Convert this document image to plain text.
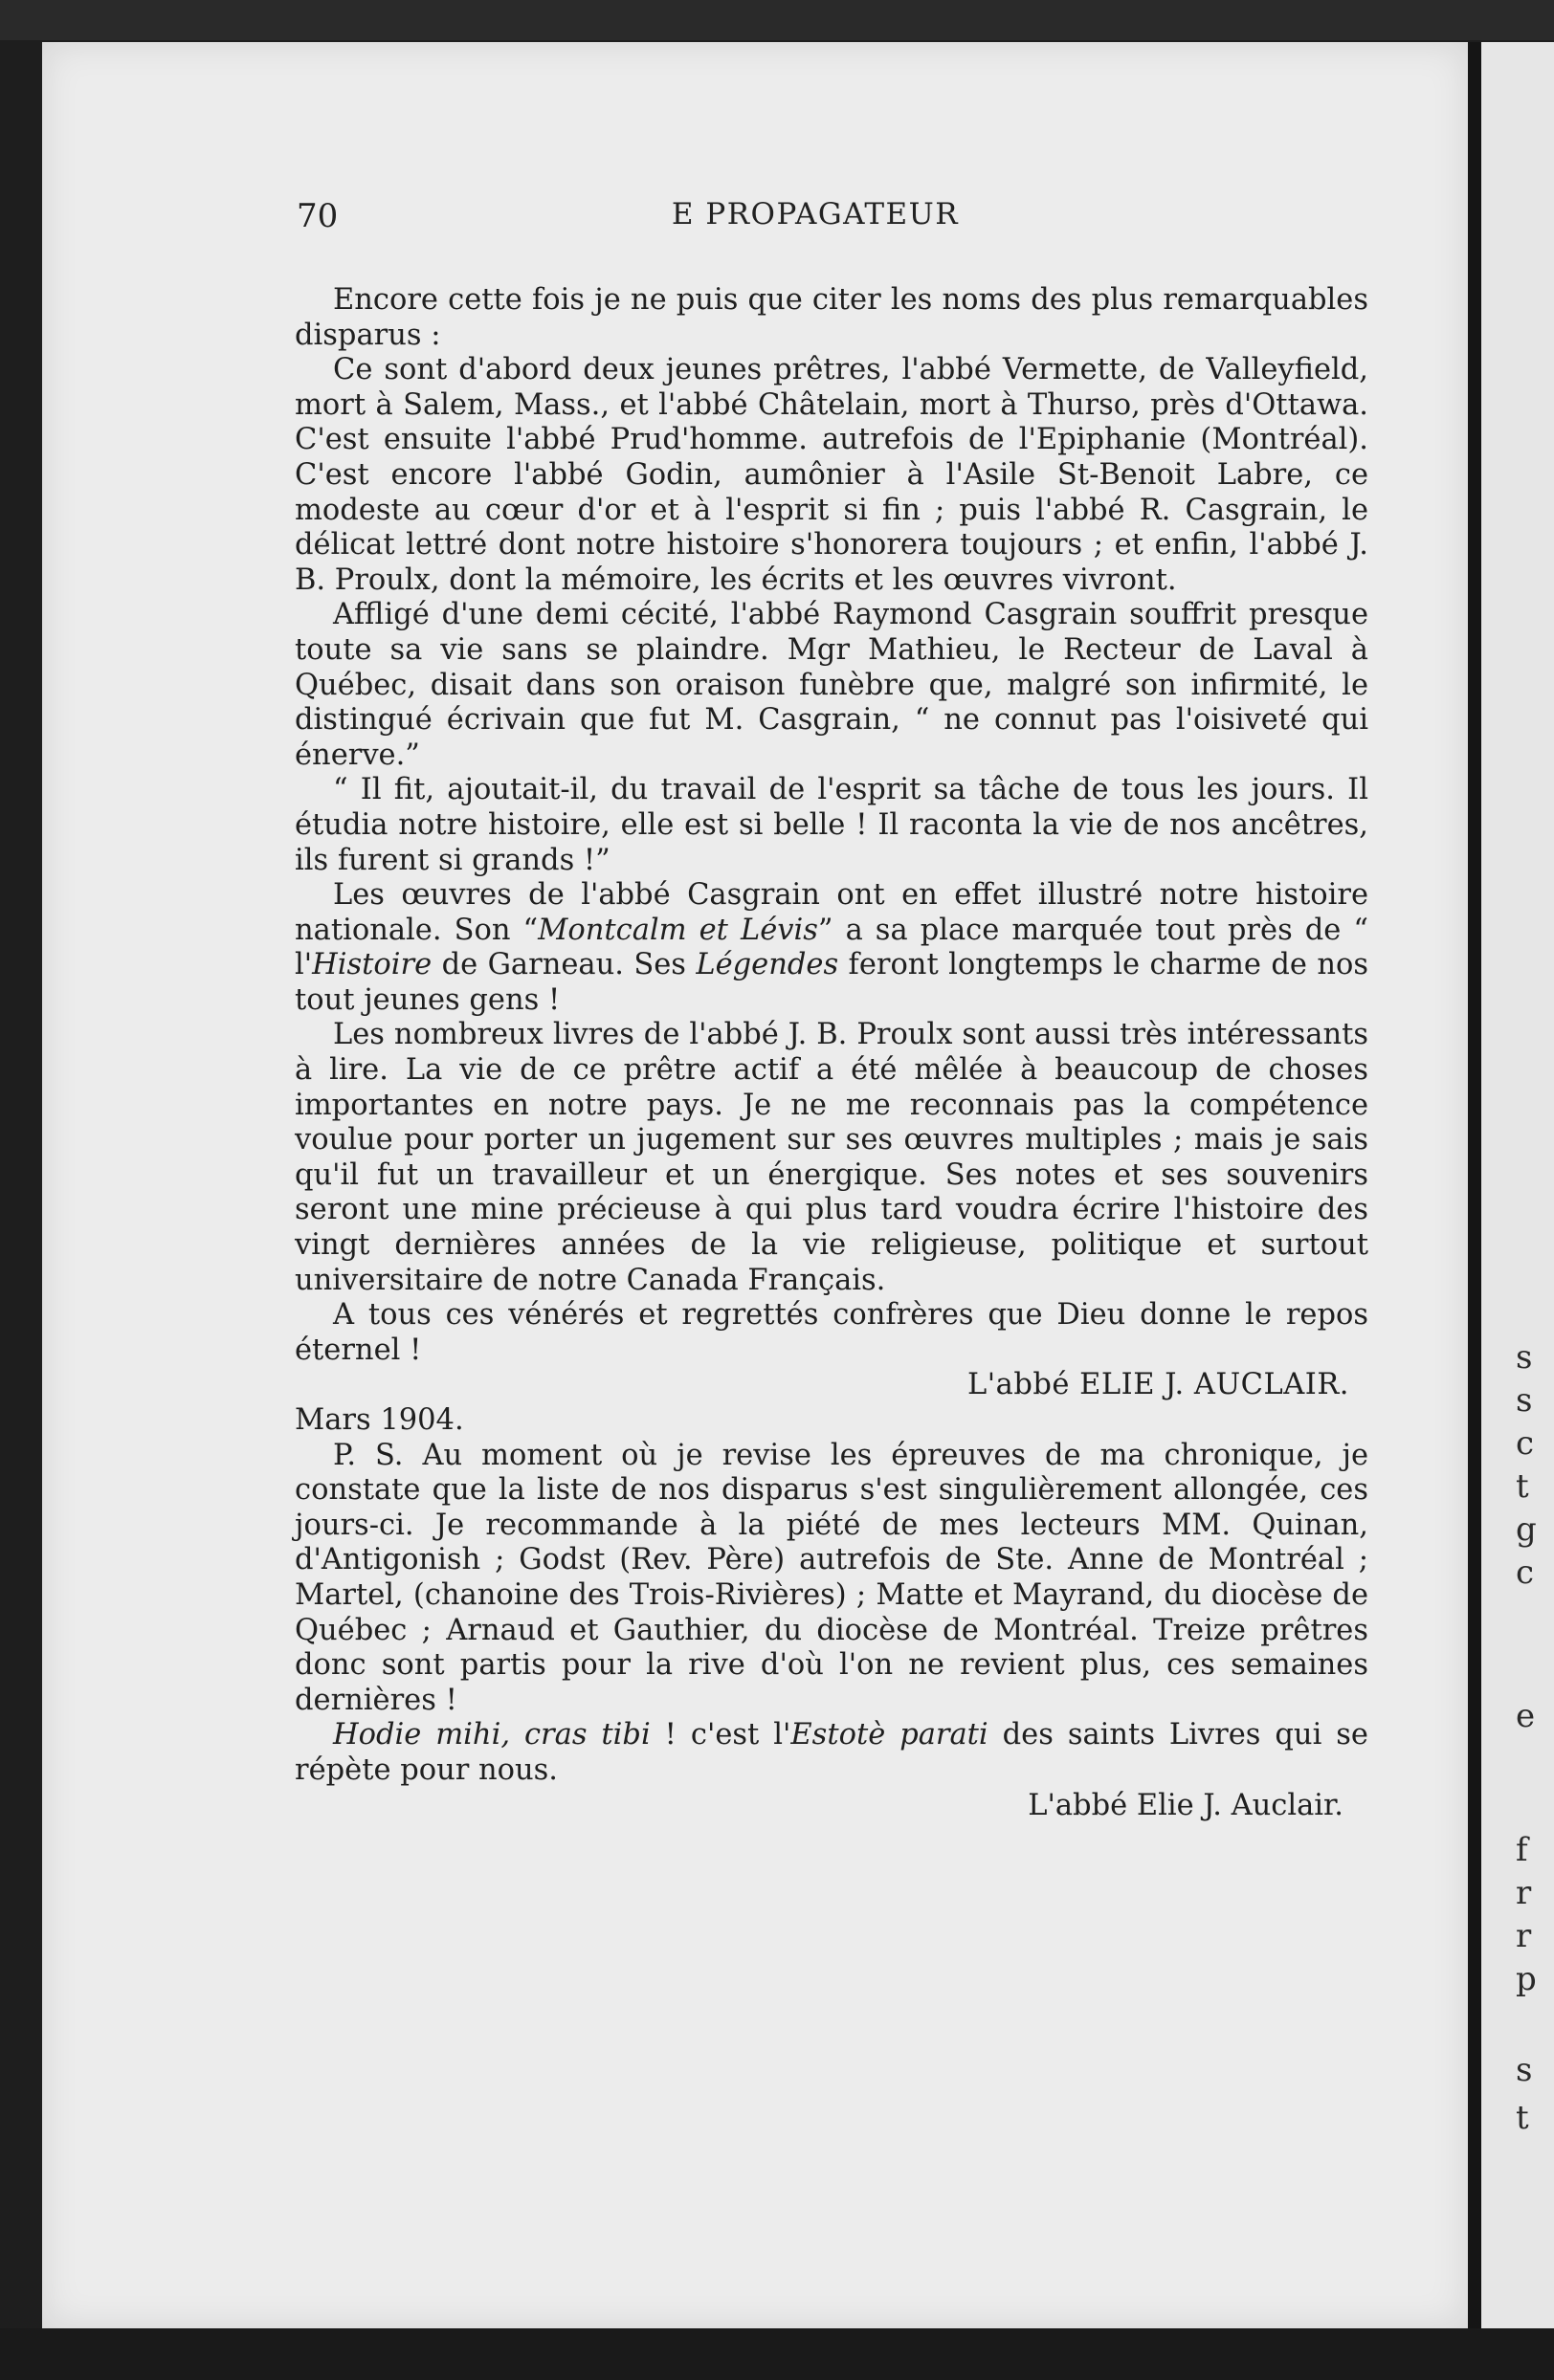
s
s
c
t
g
c
e
f
r
r
p
s
t
70	E PROPAGATEUR

Encore cette fois je ne puis que citer les noms des plus remarquables disparus :

Ce sont d'abord deux jeunes prêtres, l'abbé Vermette, de Valleyfield, mort à Salem, Mass., et l'abbé Châtelain, mort à Thurso, près d'Ottawa. C'est ensuite l'abbé Prud'homme. autrefois de l'Epiphanie (Montréal). C'est encore l'abbé Godin, aumônier à l'Asile St-Benoit Labre, ce modeste au cœur d'or et à l'esprit si fin ; puis l'abbé R. Casgrain, le délicat lettré dont notre histoire s'honorera toujours ; et enfin, l'abbé J. B. Proulx, dont la mémoire, les écrits et les œuvres vivront.

Affligé d'une demi cécité, l'abbé Raymond Casgrain souffrit presque toute sa vie sans se plaindre. Mgr Mathieu, le Recteur de Laval à Québec, disait dans son oraison funèbre que, malgré son infirmité, le distingué écrivain que fut M. Casgrain, “ ne connut pas l'oisiveté qui énerve.”

“ Il fit, ajoutait-il, du travail de l'esprit sa tâche de tous les jours. Il étudia notre histoire, elle est si belle ! Il raconta la vie de nos ancêtres, ils furent si grands !”

Les œuvres de l'abbé Casgrain ont en effet illustré notre histoire nationale. Son “Montcalm et Lévis” a sa place marquée tout près de “ l'Histoire de Garneau. Ses Légendes feront longtemps le charme de nos tout jeunes gens !

Les nombreux livres de l'abbé J. B. Proulx sont aussi très intéressants à lire. La vie de ce prêtre actif a été mêlée à beaucoup de choses importantes en notre pays. Je ne me reconnais pas la compétence voulue pour porter un jugement sur ses œuvres multiples ; mais je sais qu'il fut un travailleur et un énergique. Ses notes et ses souvenirs seront une mine précieuse à qui plus tard voudra écrire l'histoire des vingt dernières années de la vie religieuse, politique et surtout universitaire de notre Canada Français.

A tous ces vénérés et regrettés confrères que Dieu donne le repos éternel !

L'abbé ELIE J. AUCLAIR.

Mars 1904.

P. S. Au moment où je revise les épreuves de ma chronique, je constate que la liste de nos disparus s'est singulièrement allongée, ces jours-ci. Je recommande à la piété de mes lecteurs MM. Quinan, d'Antigonish ; Godst (Rev. Père) autrefois de Ste. Anne de Montréal ; Martel, (chanoine des Trois-Rivières) ; Matte et Mayrand, du diocèse de Québec ; Arnaud et Gauthier, du diocèse de Montréal. Treize prêtres donc sont partis pour la rive d'où l'on ne revient plus, ces semaines dernières !

Hodie mihi, cras tibi ! c'est l'Estotè parati des saints Livres qui se répète pour nous.

L'abbé Elie J. Auclair.
